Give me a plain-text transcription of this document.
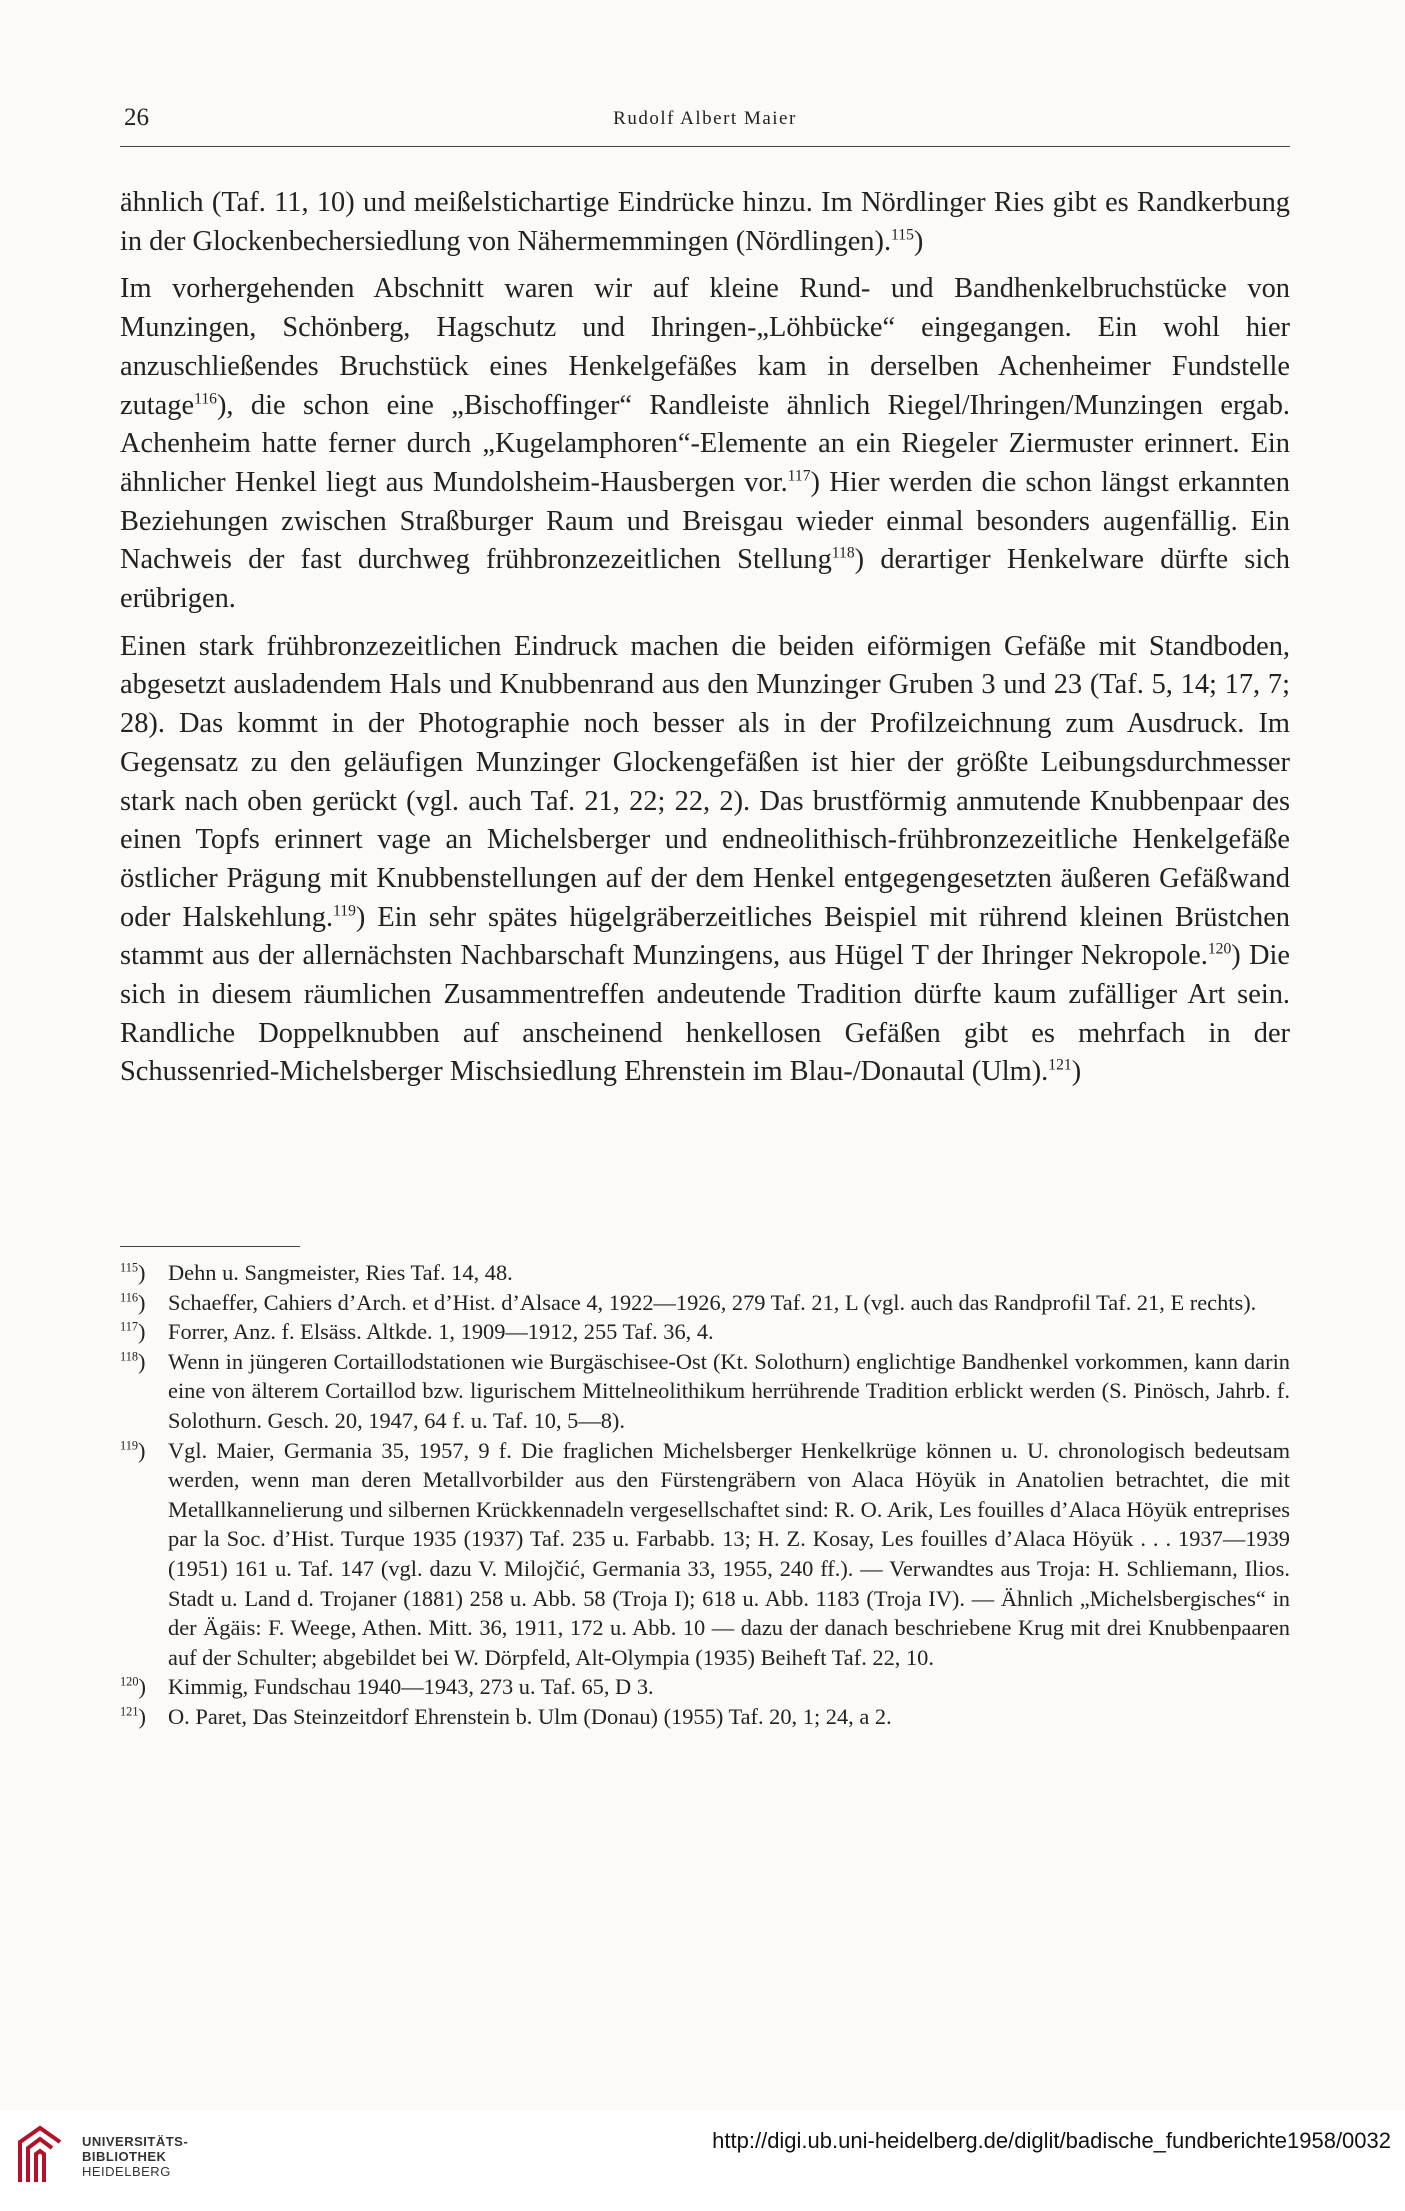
26	Rudolf Albert Maier

ähnlich (Taf. 11, 10) und meißelstichartige Eindrücke hinzu. Im Nördlinger Ries gibt es Randkerbung in der Glockenbechersiedlung von Nähermemmingen (Nördlingen).$^{115}$)

Im vorhergehenden Abschnitt waren wir auf kleine Rund- und Bandhenkelbruchstücke von Munzingen, Schönberg, Hagschutz und Ihringen-„Löhbücke“ eingegangen. Ein wohl hier anzuschließendes Bruchstück eines Henkelgefäßes kam in derselben Achenheimer Fundstelle zutage$^{116}$), die schon eine „Bischoffinger“ Randleiste ähnlich Riegel/Ihringen/Munzingen ergab. Achenheim hatte ferner durch „Kugelamphoren“-Elemente an ein Riegeler Ziermuster erinnert. Ein ähnlicher Henkel liegt aus Mundolsheim-Hausbergen vor.$^{117}$) Hier werden die schon längst erkannten Beziehungen zwischen Straßburger Raum und Breisgau wieder einmal besonders augenfällig. Ein Nachweis der fast durchweg frühbronzezeitlichen Stellung$^{118}$) derartiger Henkelware dürfte sich erübrigen.

Einen stark frühbronzezeitlichen Eindruck machen die beiden eiförmigen Gefäße mit Standboden, abgesetzt ausladendem Hals und Knubbenrand aus den Munzinger Gruben 3 und 23 (Taf. 5, 14; 17, 7; 28). Das kommt in der Photographie noch besser als in der Profilzeichnung zum Ausdruck. Im Gegensatz zu den geläufigen Munzinger Glockengefäßen ist hier der größte Leibungsdurchmesser stark nach oben gerückt (vgl. auch Taf. 21, 22; 22, 2). Das brustförmig anmutende Knubbenpaar des einen Topfs erinnert vage an Michelsberger und endneolithisch-frühbronzezeitliche Henkelgefäße östlicher Prägung mit Knubbenstellungen auf der dem Henkel entgegengesetzten äußeren Gefäßwand oder Halskehlung.$^{119}$) Ein sehr spätes hügelgräberzeitliches Beispiel mit rührend kleinen Brüstchen stammt aus der allernächsten Nachbarschaft Munzingens, aus Hügel T der Ihringer Nekropole.$^{120}$) Die sich in diesem räumlichen Zusammentreffen andeutende Tradition dürfte kaum zufälliger Art sein. Randliche Doppelknubben auf anscheinend henkellosen Gefäßen gibt es mehrfach in der Schussenried-Michelsberger Mischsiedlung Ehrenstein im Blau-/Donautal (Ulm).$^{121}$)

$^{115}$) Dehn u. Sangmeister, Ries Taf. 14, 48.
$^{116}$) Schaeffer, Cahiers d’Arch. et d’Hist. d’Alsace 4, 1922—1926, 279 Taf. 21, L (vgl. auch das Randprofil Taf. 21, E rechts).
$^{117}$) Forrer, Anz. f. Elsäss. Altkde. 1, 1909—1912, 255 Taf. 36, 4.
$^{118}$) Wenn in jüngeren Cortaillodstationen wie Burgäschisee-Ost (Kt. Solothurn) englichtige Bandhenkel vorkommen, kann darin eine von älterem Cortaillod bzw. ligurischem Mittelneolithikum herrührende Tradition erblickt werden (S. Pinösch, Jahrb. f. Solothurn. Gesch. 20, 1947, 64 f. u. Taf. 10, 5—8).
$^{119}$) Vgl. Maier, Germania 35, 1957, 9 f. Die fraglichen Michelsberger Henkelkrüge können u. U. chronologisch bedeutsam werden, wenn man deren Metallvorbilder aus den Fürstengräbern von Alaca Höyük in Anatolien betrachtet, die mit Metallkannelierung und silbernen Krückkennadeln vergesellschaftet sind: R. O. Arik, Les fouilles d’Alaca Höyük entreprises par la Soc. d’Hist. Turque 1935 (1937) Taf. 235 u. Farbabb. 13; H. Z. Kosay, Les fouilles d’Alaca Höyük . . . 1937—1939 (1951) 161 u. Taf. 147 (vgl. dazu V. Milojčić, Germania 33, 1955, 240 ff.). — Verwandtes aus Troja: H. Schliemann, Ilios. Stadt u. Land d. Trojaner (1881) 258 u. Abb. 58 (Troja I); 618 u. Abb. 1183 (Troja IV). — Ähnlich „Michelsbergisches“ in der Ägäis: F. Weege, Athen. Mitt. 36, 1911, 172 u. Abb. 10 — dazu der danach beschriebene Krug mit drei Knubbenpaaren auf der Schulter; abgebildet bei W. Dörpfeld, Alt-Olympia (1935) Beiheft Taf. 22, 10.
$^{120}$) Kimmig, Fundschau 1940—1943, 273 u. Taf. 65, D 3.
$^{121}$) O. Paret, Das Steinzeitdorf Ehrenstein b. Ulm (Donau) (1955) Taf. 20, 1; 24, a 2.
UNIVERSITÄTS-
BIBLIOTHEK
HEIDELBERG
http://digi.ub.uni-heidelberg.de/diglit/badische_fundberichte1958/0032
